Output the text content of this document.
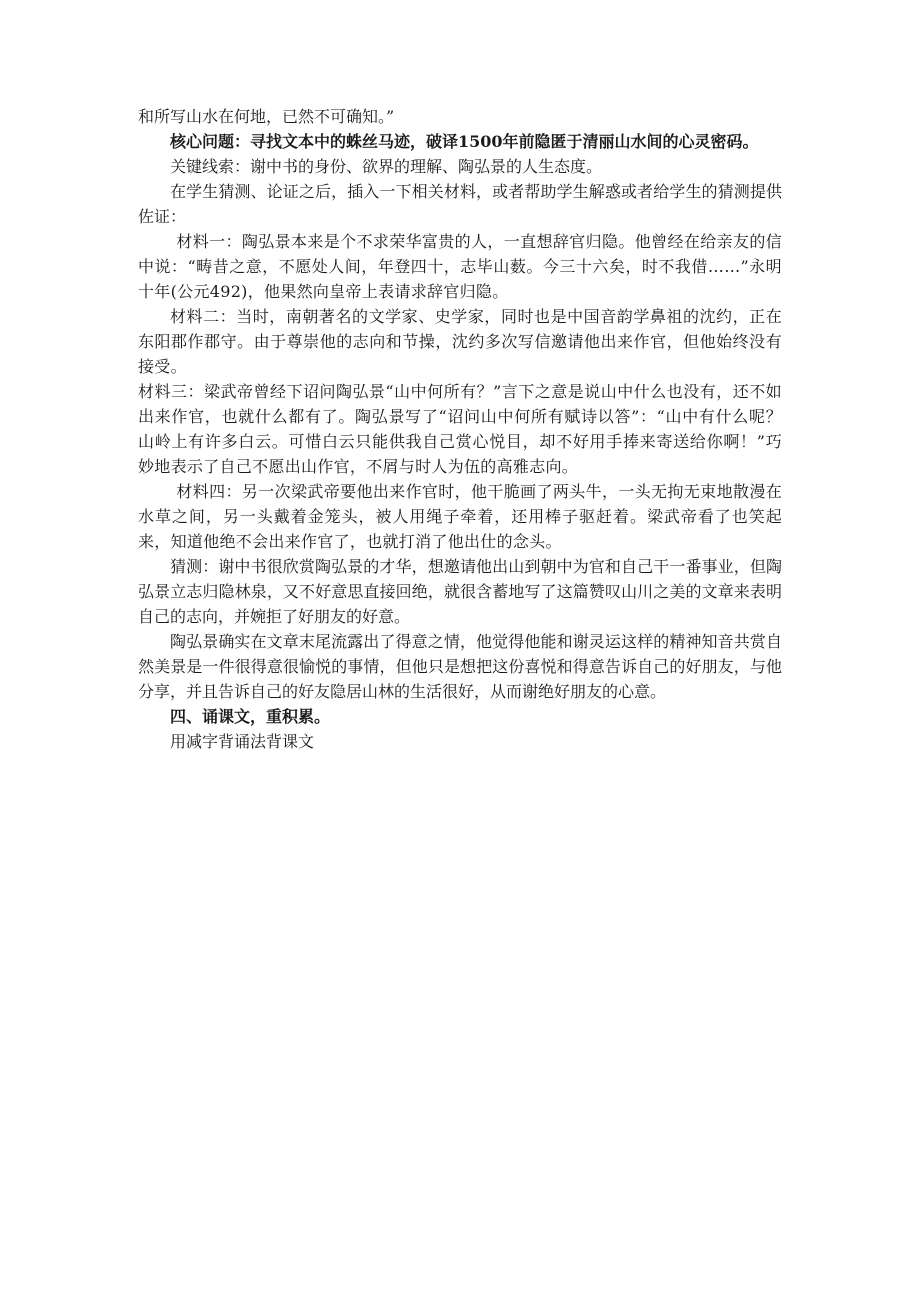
和所写山水在何地，已然不可确知。”

核心问题：寻找文本中的蛛丝马迹，破译1500年前隐匿于清丽山水间的心灵密码。

关键线索：谢中书的身份、欲界的理解、陶弘景的人生态度。

在学生猜测、论证之后，插入一下相关材料，或者帮助学生解惑或者给学生的猜测提供佐证：

材料一：陶弘景本来是个不求荣华富贵的人，一直想辞官归隐。他曾经在给亲友的信中说：“畴昔之意，不愿处人间，年登四十，志毕山薮。今三十六矣，时不我借……”永明十年(公元492)，他果然向皇帝上表请求辞官归隐。

材料二：当时，南朝著名的文学家、史学家，同时也是中国音韵学鼻祖的沈约，正在东阳郡作郡守。由于尊崇他的志向和节操，沈约多次写信邀请他出来作官，但他始终没有接受。

材料三：梁武帝曾经下诏问陶弘景“山中何所有？”言下之意是说山中什么也没有，还不如出来作官，也就什么都有了。陶弘景写了“诏问山中何所有赋诗以答”：“山中有什么呢？山岭上有许多白云。可惜白云只能供我自己赏心悦目，却不好用手捧来寄送给你啊！”巧妙地表示了自己不愿出山作官，不屑与时人为伍的高雅志向。

材料四：另一次梁武帝要他出来作官时，他干脆画了两头牛，一头无拘无束地散漫在水草之间，另一头戴着金笼头，被人用绳子牵着，还用棒子驱赶着。梁武帝看了也笑起来，知道他绝不会出来作官了，也就打消了他出仕的念头。

猜测：谢中书很欣赏陶弘景的才华，想邀请他出山到朝中为官和自己干一番事业，但陶弘景立志归隐林泉，又不好意思直接回绝，就很含蓄地写了这篇赞叹山川之美的文章来表明自己的志向，并婉拒了好朋友的好意。

陶弘景确实在文章末尾流露出了得意之情，他觉得他能和谢灵运这样的精神知音共赏自然美景是一件很得意很愉悦的事情，但他只是想把这份喜悦和得意告诉自己的好朋友，与他分享，并且告诉自己的好友隐居山林的生活很好，从而谢绝好朋友的心意。

四、诵课文，重积累。

用减字背诵法背课文
